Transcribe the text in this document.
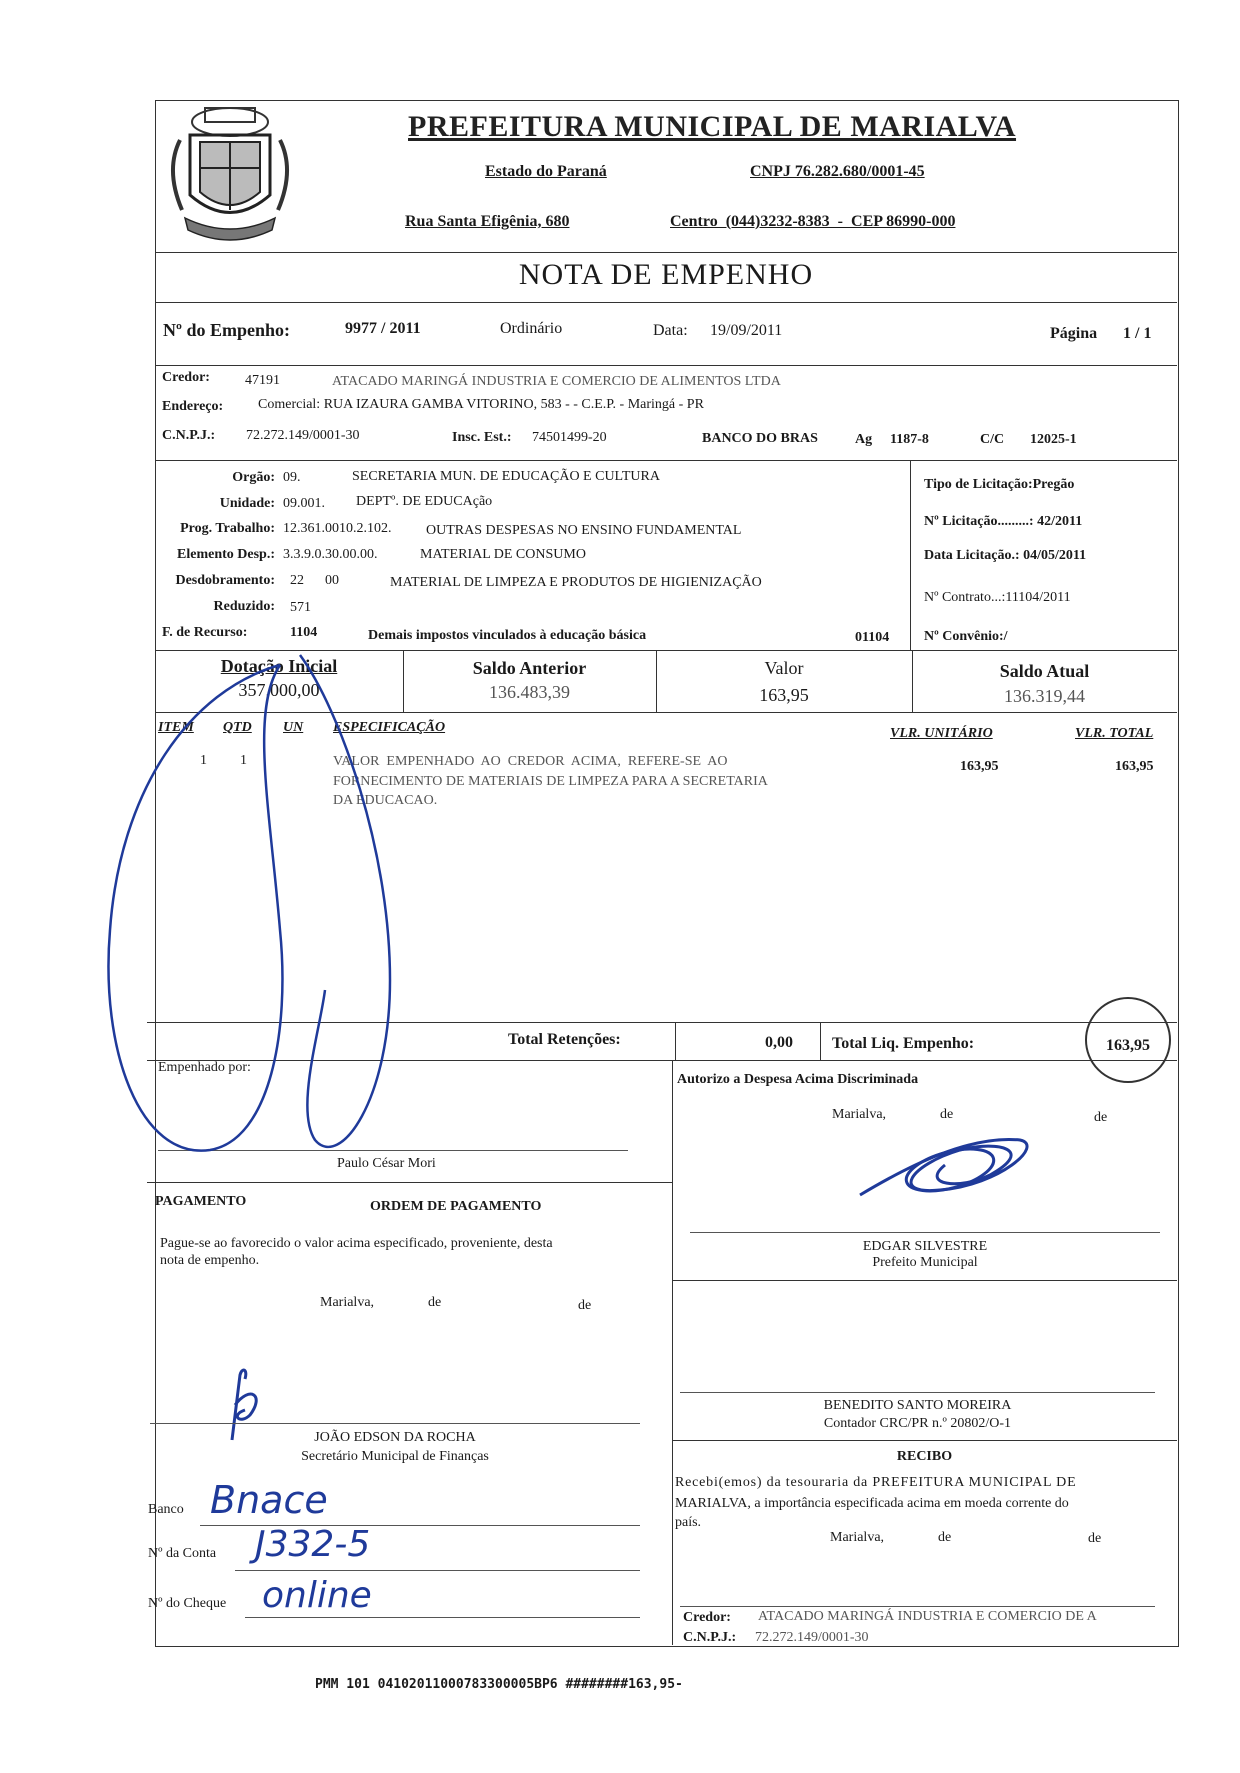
PREFEITURA MUNICIPAL DE MARIALVA
Estado do Paraná	CNPJ 76.282.680/0001-45
Rua Santa Efigênia, 680	Centro  (044)3232-8383  -  CEP 86990-000
NOTA DE EMPENHO
Nº do Empenho:	9977 / 2011	Ordinário	Data: 19/09/2011	Página 1 / 1
Credor:	47191	ATACADO MARINGÁ INDUSTRIA E COMERCIO DE ALIMENTOS LTDA
Endereço: Comercial: RUA IZAURA GAMBA VITORINO, 583 - - C.E.P. - Maringá - PR
C.N.P.J.: 72.272.149/0001-30	Insc. Est.: 74501499-20	BANCO DO BRAS	Ag 1187-8	C/C 12025-1
Orgão: 09.	SECRETARIA MUN. DE EDUCAÇÃO E CULTURA
Unidade: 09.001. DEPTº. DE EDUCAção
Prog. Trabalho: 12.361.0010.2.102. OUTRAS DESPESAS NO ENSINO FUNDAMENTAL
Elemento Desp.: 3.3.9.0.30.00.00.	MATERIAL DE CONSUMO
Desdobramento: 22      00	MATERIAL DE LIMPEZA E PRODUTOS DE HIGIENIZAÇÃO
Reduzido: 571
F. de Recurso:	1104	Demais impostos vinculados à educação básica	01104
Tipo de Licitação:Pregão
Nº Licitação.........: 42/2011
Data Licitação.: 04/05/2011
Nº Contrato...:11104/2011
Nº Convênio:/
Dotação Inicial
357.000,00
Saldo Anterior
136.483,39
Valor
163,95
Saldo Atual
136.319,44
ITEM QTD UN ESPECIFICAÇÃO	VLR. UNITÁRIO	VLR. TOTAL
1 1	VALOR  EMPENHADO  AO  CREDOR  ACIMA,  REFERE-SE  AO
FORNECIMENTO DE MATERIAIS DE LIMPEZA PARA A SECRETARIA
DA EDUCACAO.
163,95	163,95
Total Retenções:	0,00 Total Liq. Empenho:	163,95
Empenhado por:
Paulo César Mori
Autorizo a Despesa Acima Discriminada
Marialva,	de	de
EDGAR SILVESTRE
Prefeito Municipal
PAGAMENTO	ORDEM DE PAGAMENTO
Pague-se ao favorecido o valor acima especificado, proveniente, desta
nota de empenho.
Marialva,	de	de
JOÃO EDSON DA ROCHA
Secretário Municipal de Finanças
Banco Bnace
Nº da Conta J332-5
Nº do Cheque online
BENEDITO SANTO MOREIRA
Contador CRC/PR n.º 20802/O-1
RECIBO
Recebi(emos) da tesouraria da PREFEITURA MUNICIPAL DE
MARIALVA, a importância especificada acima em moeda corrente do
país.
Marialva,	de	de
Credor: ATACADO MARINGÁ INDUSTRIA E COMERCIO DE A
C.N.P.J.: 72.272.149/0001-30
PMM 101 04102011000783300005BP6 ########163,95-
